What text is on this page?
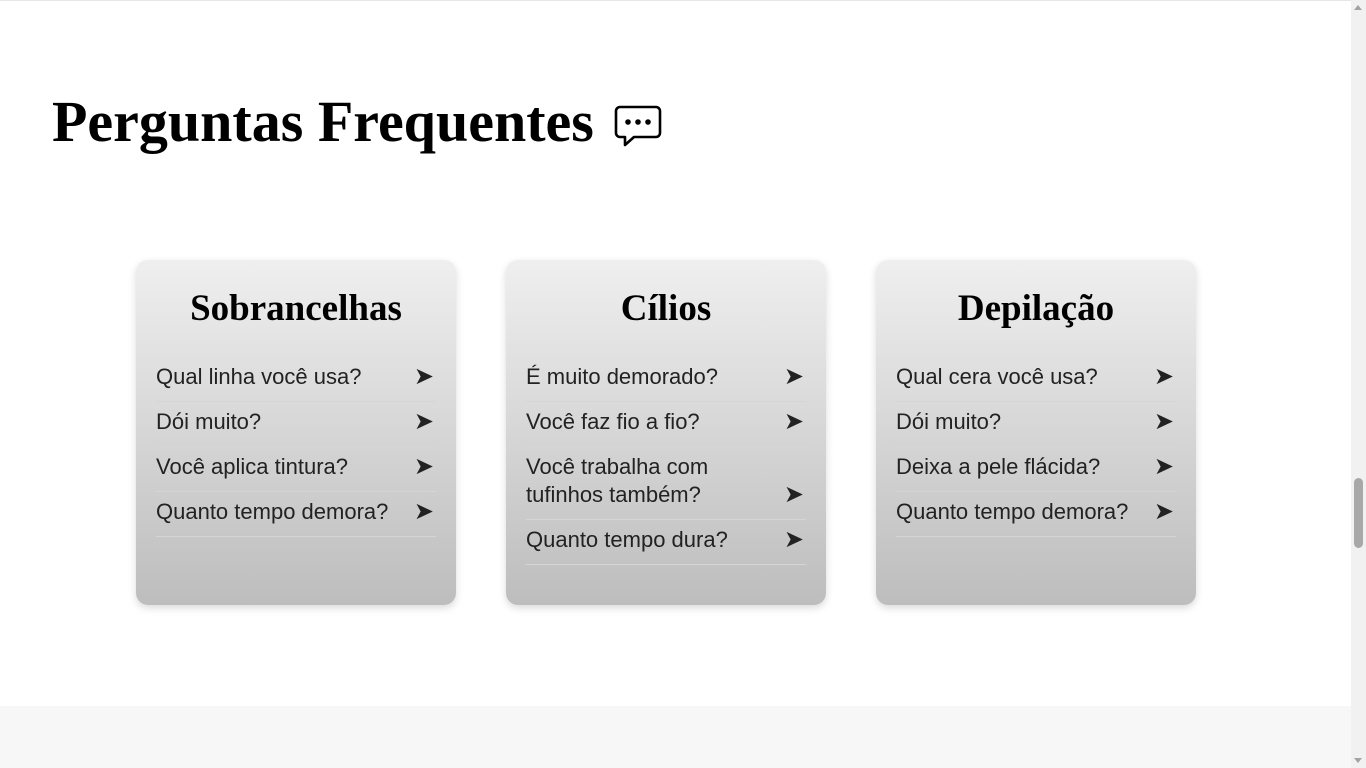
Perguntas Frequentes
Sobrancelhas
Qual linha você usa? ➤
Dói muito?	➤
Você aplica tintura?	➤
Quanto tempo demora? ➤
Cílios
É muito demorado?	➤
Você faz fio a fio?	➤
Você trabalha com tufinhos também?	➤
Quanto tempo dura? ➤
Depilação
Qual cera você usa? ➤
Dói muito?	➤
Deixa a pele flácida? ➤
Quanto tempo demora? ➤
